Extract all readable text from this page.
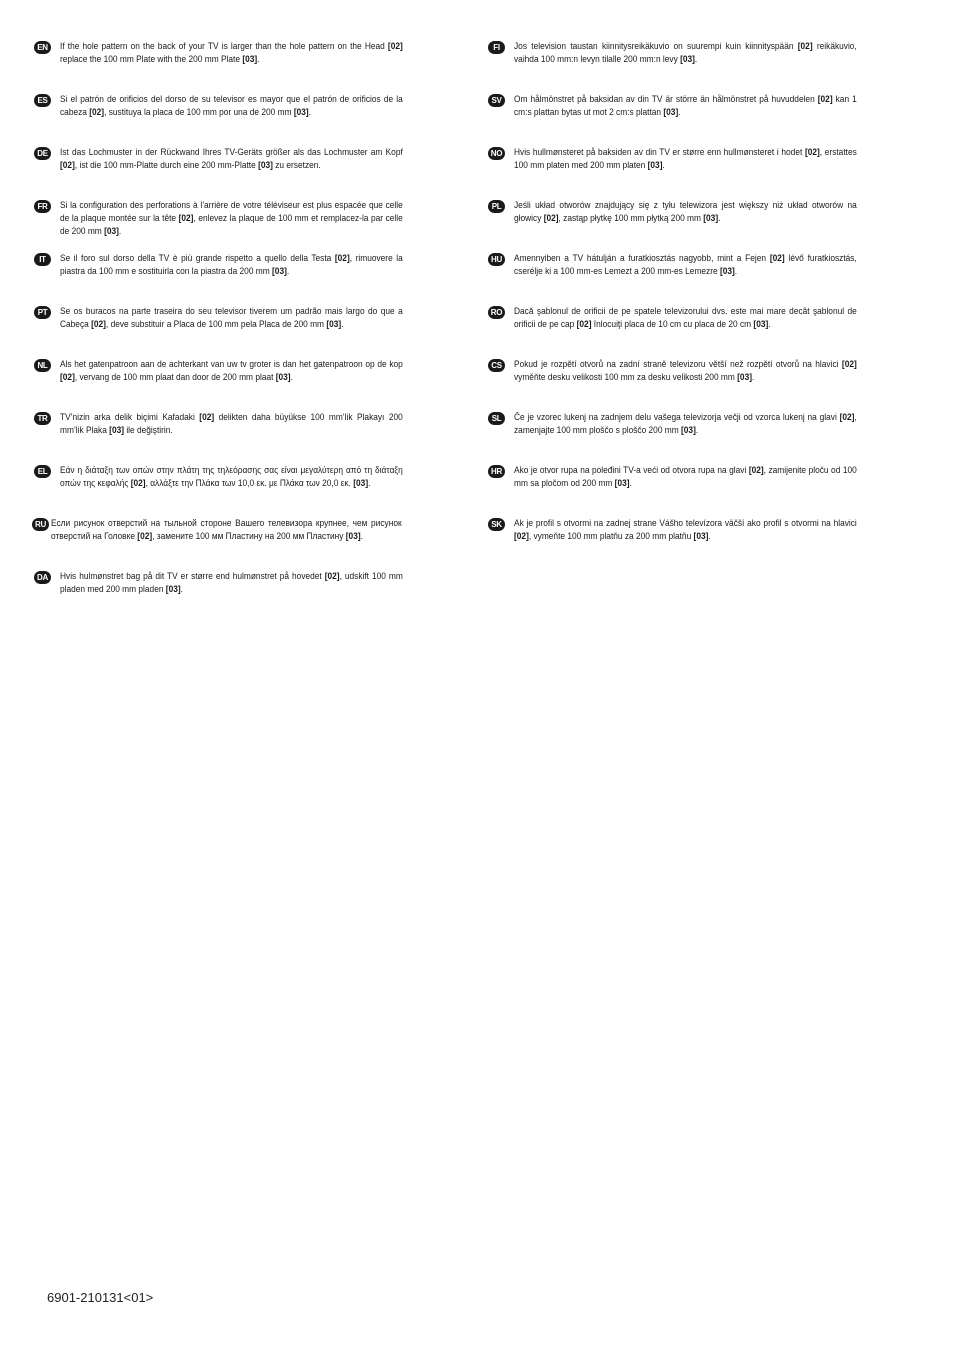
EN	If the hole pattern on the back of your TV is larger than the hole pattern on the Head [02] replace the 100 mm Plate with the 200 mm Plate [03].

ES	Si el patrón de orificios del dorso de su televisor es mayor que el patrón de orificios de la cabeza [02], sustituya la placa de 100 mm por una de 200 mm [03].

DE	Ist das Lochmuster in der Rückwand Ihres TV-Geräts größer als das Lochmuster am Kopf [02], ist die 100 mm-Platte durch eine 200 mm-Platte [03] zu ersetzen.

FR	Si la configuration des perforations à l’arrière de votre téléviseur est plus espacée que celle de la plaque montée sur la tête [02], enlevez la plaque de 100 mm et remplacez-la par celle de 200 mm [03].

IT	Se il foro sul dorso della TV è più grande rispetto a quello della Testa [02], rimuovere la piastra da 100 mm e sostituirla con la piastra da 200 mm [03].

PT	Se os buracos na parte traseira do seu televisor tiverem um padrão mais largo do que a Cabeça [02], deve substituir a Placa de 100 mm pela Placa de 200 mm [03].

NL	Als het gatenpatroon aan de achterkant van uw tv groter is dan het gatenpatroon op de kop [02], vervang de 100 mm plaat dan door de 200 mm plaat [03].

TR	TV’nizin arka delik biçimi Kafadaki [02] delikten daha büyükse 100 mm’lik Plakayı 200 mm’lik Plaka [03] ile değiştirin.

EL	Εάν η διάταξη των οπών στην πλάτη της τηλεόρασης σας είναι μεγαλύτερη από τη διάταξη οπών της κεφαλής [02], αλλάξτε την Πλάκα των 10,0 εκ. με Πλάκα των 20,0 εκ. [03].

RU Если рисунок отверстий на тыльной стороне Вашего телевизора крупнее, чем рисунок отверстий на Головке [02], замените 100 мм Пластину на 200 мм Пластину [03].

DA	Hvis hulmønstret bag på dit TV er større end hulmønstret på hovedet [02], udskift 100 mm pladen med 200 mm pladen [03].

FI	Jos television taustan kiinnitysreikäkuvio on suurempi kuin kiinnityspään [02] reikäkuvio, vaihda 100 mm:n levyn tilalle 200 mm:n levy [03].

SV	Om hålmönstret på baksidan av din TV är större än hålmönstret på huvuddelen [02] kan 1 cm:s plattan bytas ut mot 2 cm:s plattan [03].

NO Hvis hullmønsteret på baksiden av din TV er større enn hullmønsteret i hodet [02], erstattes 100 mm platen med 200 mm platen [03].

PL	Jeśli układ otworów znajdujący się z tyłu telewizora jest większy niż układ otworów na głowicy [02], zastąp płytkę 100 mm płytką 200 mm [03].

HU	Amennyiben a TV hátulján a furatkiosztás nagyobb, mint a Fejen [02] lévő furatkiosztás, cserélje ki a 100 mm-es Lemezt a 200 mm-es Lemezre [03].

RO Dacă şablonul de orificii de pe spatele televizorului dvs. este mai mare decât şablonul de orificii de pe cap [02] înlocuiţi placa de 10 cm cu placa de 20 cm [03].

CS	Pokud je rozpětí otvorů na zadní straně televizoru větší než rozpětí otvorů na hlavici [02] vyměňte desku velikosti 100 mm za desku velikosti 200 mm [03].

SL	Če je vzorec lukenj na zadnjem delu vašega televizorja večji od vzorca lukenj na glavi [02], zamenjajte 100 mm ploščo s ploščo 200 mm [03].

HR	Ako je otvor rupa na poleđini TV-a veći od otvora rupa na glavi [02], zamijenite ploču od 100 mm sa pločom od 200 mm [03].

SK	Ak je profil s otvormi na zadnej strane Vášho televízora väčší ako profil s otvormi na hlavici [02], vymeňte 100 mm platňu za 200 mm platňu [03].

6901-210131<01>
